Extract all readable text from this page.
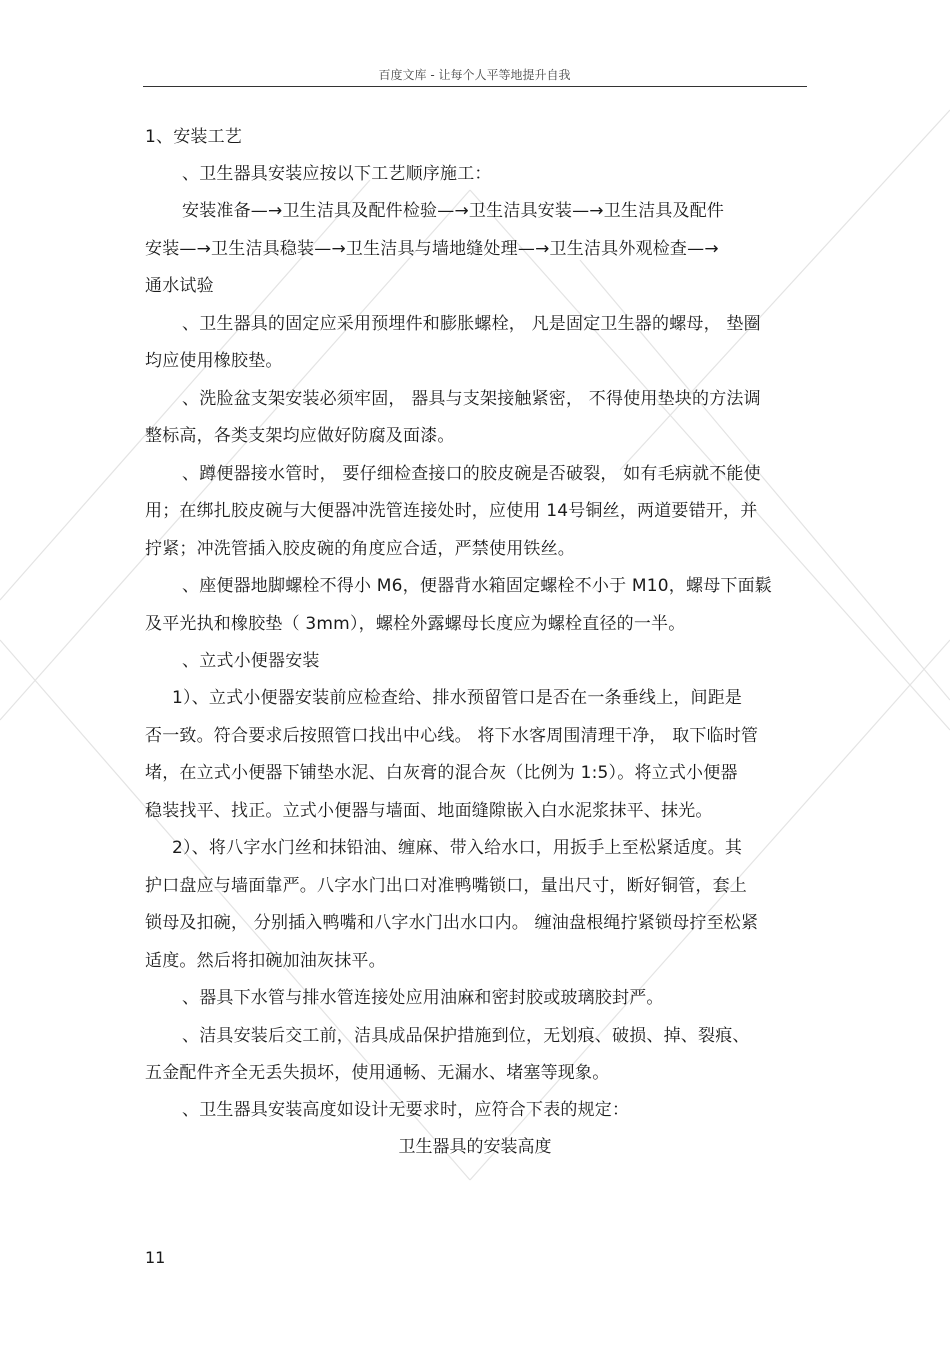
百度文库 - 让每个人平等地提升自我
1、安装工艺
、卫生器具安装应按以下工艺顺序施工：
安装准备—→卫生洁具及配件检验—→卫生洁具安装—→卫生洁具及配件
安装—→卫生洁具稳装—→卫生洁具与墙地缝处理—→卫生洁具外观检查—→
通水试验
、卫生器具的固定应采用预埋件和膨胀螺栓， 凡是固定卫生器的螺母， 垫圈
均应使用橡胶垫。
、洗脸盆支架安装必须牢固， 器具与支架接触紧密， 不得使用垫块的方法调
整标高，各类支架均应做好防腐及面漆。
、蹲便器接水管时， 要仔细检查接口的胶皮碗是否破裂， 如有毛病就不能使
用；在绑扎胶皮碗与大便器冲洗管连接处时，应使用 14号铜丝，两道要错开，并
拧紧；冲洗管插入胶皮碗的角度应合适，严禁使用铁丝。
、座便器地脚螺栓不得小 M6，便器背水箱固定螺栓不小于 M10，螺母下面鬏
及平光执和橡胶垫（ 3mm），螺栓外露螺母长度应为螺栓直径的一半。
、立式小便器安装
1）、立式小便器安装前应检查给、排水预留管口是否在一条垂线上，间距是
否一致。符合要求后按照管口找出中心线。 将下水客周围清理干净， 取下临时管
堵，在立式小便器下铺垫水泥、白灰膏的混合灰（比例为 1:5）。将立式小便器
稳装找平、找正。立式小便器与墙面、地面缝隙嵌入白水泥浆抹平、抹光。
2）、将八字水门丝和抹铅油、缠麻、带入给水口，用扳手上至松紧适度。其
护口盘应与墙面靠严。八字水门出口对准鸭嘴锁口，量出尺寸，断好铜管，套上
锁母及扣碗， 分别插入鸭嘴和八字水门出水口内。 缠油盘根绳拧紧锁母拧至松紧
适度。然后将扣碗加油灰抹平。
、器具下水管与排水管连接处应用油麻和密封胶或玻璃胶封严。
、洁具安装后交工前，洁具成品保护措施到位，无划痕、破损、掉、裂痕、
五金配件齐全无丢失损坏，使用通畅、无漏水、堵塞等现象。
、卫生器具安装高度如设计无要求时，应符合下表的规定：
卫生器具的安装高度
11
